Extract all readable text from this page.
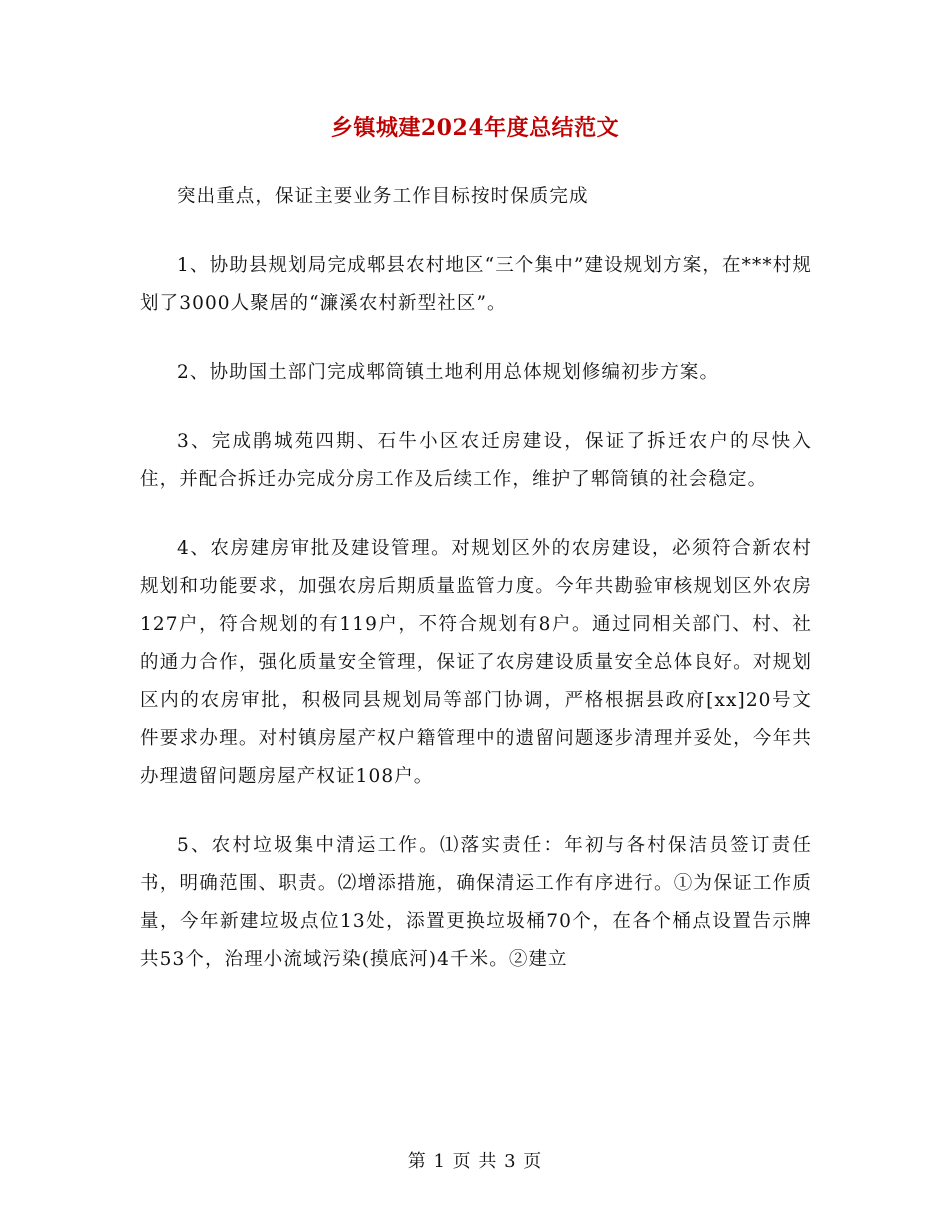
乡镇城建2024年度总结范文

突出重点，保证主要业务工作目标按时保质完成

1、协助县规划局完成郫县农村地区“三个集中”建设规划方案，在***村规划了3000人聚居的“濂溪农村新型社区”。

2、协助国土部门完成郫筒镇土地利用总体规划修编初步方案。

3、完成鹃城苑四期、石牛小区农迁房建设，保证了拆迁农户的尽快入住，并配合拆迁办完成分房工作及后续工作，维护了郫筒镇的社会稳定。

4、农房建房审批及建设管理。对规划区外的农房建设，必须符合新农村规划和功能要求，加强农房后期质量监管力度。今年共勘验审核规划区外农房127户，符合规划的有119户，不符合规划有8户。通过同相关部门、村、社的通力合作，强化质量安全管理，保证了农房建设质量安全总体良好。对规划区内的农房审批，积极同县规划局等部门协调，严格根据县政府[xx]20号文件要求办理。对村镇房屋产权户籍管理中的遗留问题逐步清理并妥处，今年共办理遗留问题房屋产权证108户。

5、农村垃圾集中清运工作。⑴落实责任：年初与各村保洁员签订责任书，明确范围、职责。⑵增添措施，确保清运工作有序进行。①为保证工作质量，今年新建垃圾点位13处，添置更换垃圾桶70个，在各个桶点设置告示牌共53个，治理小流域污染(摸底河)4千米。②建立

第 1 页 共 3 页
